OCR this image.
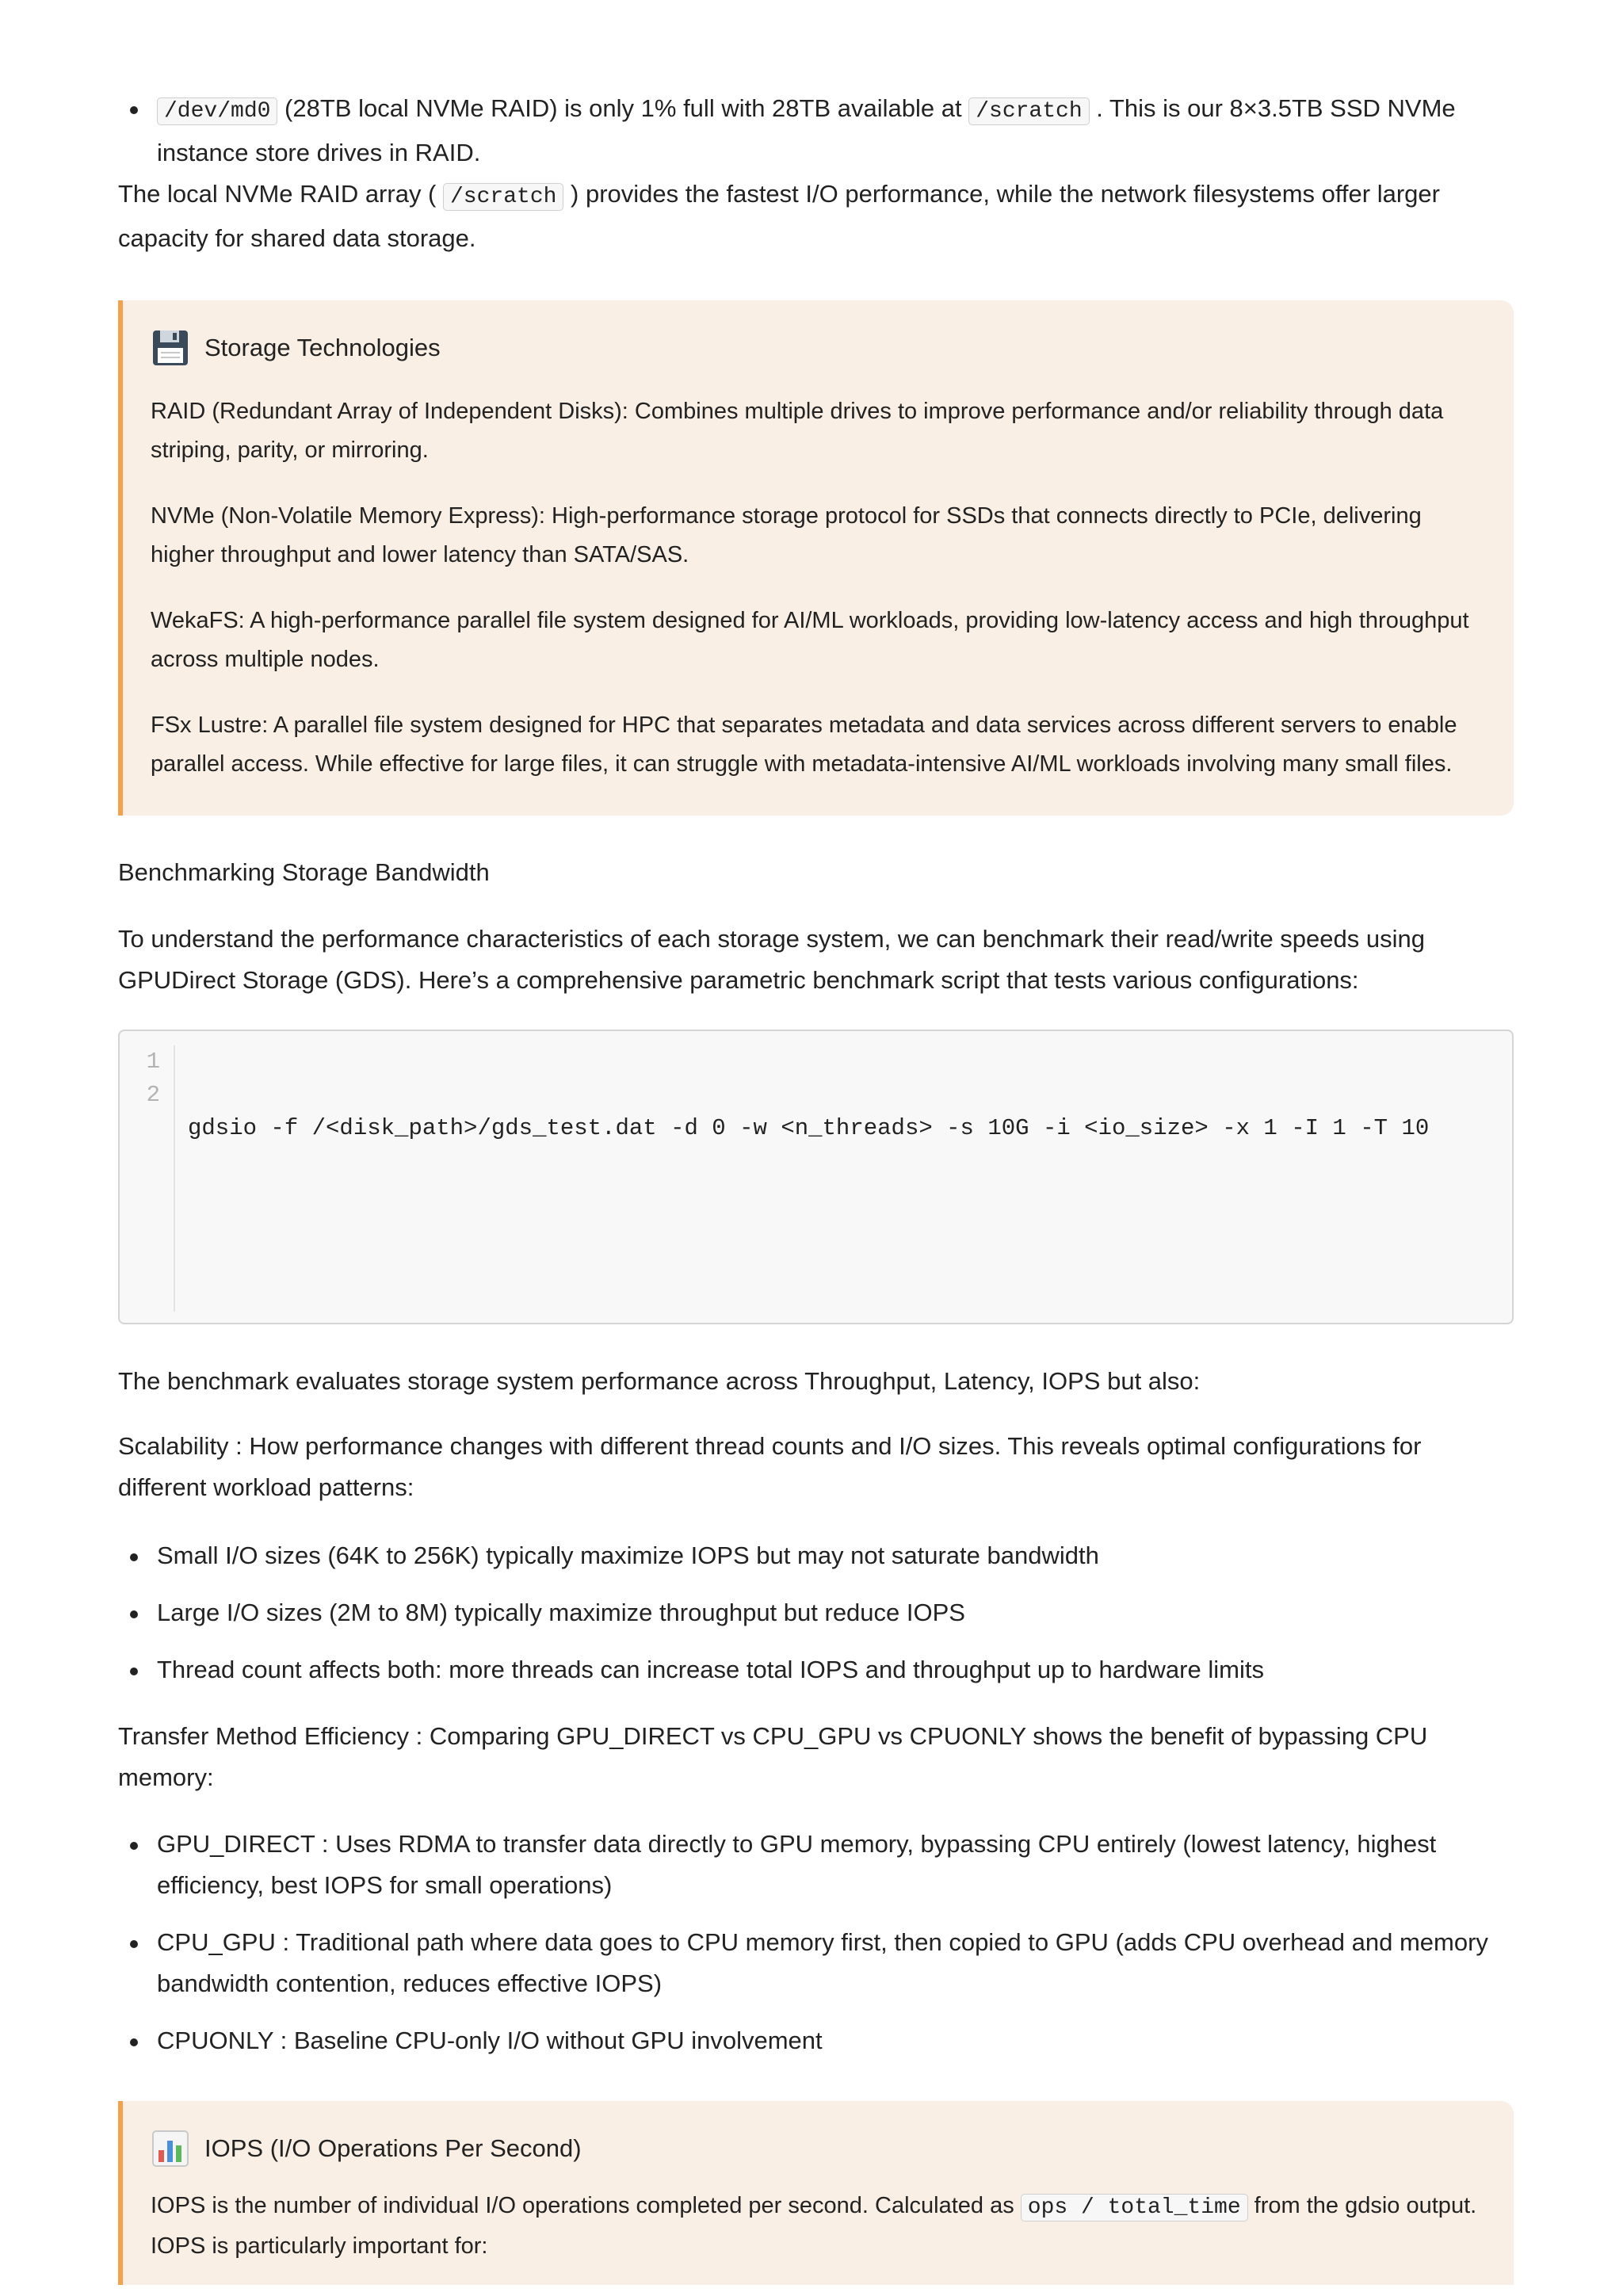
/dev/md0 (28TB local NVMe RAID) is only 1% full with 28TB available at /scratch . This is our 8×3.5TB SSD NVMe instance store drives in RAID.

The local NVMe RAID array ( /scratch ) provides the fastest I/O performance, while the network filesystems offer larger capacity for shared data storage.

Storage Technologies

RAID (Redundant Array of Independent Disks): Combines multiple drives to improve performance and/or reliability through data striping, parity, or mirroring.

NVMe (Non-Volatile Memory Express): High-performance storage protocol for SSDs that connects directly to PCIe, delivering higher throughput and lower latency than SATA/SAS.

WekaFS: A high-performance parallel file system designed for AI/ML workloads, providing low-latency access and high throughput across multiple nodes.

FSx Lustre: A parallel file system designed for HPC that separates metadata and data services across different servers to enable parallel access. While effective for large files, it can struggle with metadata-intensive AI/ML workloads involving many small files.

Benchmarking Storage Bandwidth

To understand the performance characteristics of each storage system, we can benchmark their read/write speeds using GPUDirect Storage (GDS). Here’s a comprehensive parametric benchmark script that tests various configurations:

1
2

gdsio -f /<disk_path>/gds_test.dat -d 0 -w <n_threads> -s 10G -i <io_size> -x 1 -I 1 -T 10

The benchmark evaluates storage system performance across Throughput, Latency, IOPS but also:

Scalability : How performance changes with different thread counts and I/O sizes. This reveals optimal configurations for different workload patterns:

Small I/O sizes (64K to 256K) typically maximize IOPS but may not saturate bandwidth
Large I/O sizes (2M to 8M) typically maximize throughput but reduce IOPS
Thread count affects both: more threads can increase total IOPS and throughput up to hardware limits

Transfer Method Efficiency : Comparing GPU_DIRECT vs CPU_GPU vs CPUONLY shows the benefit of bypassing CPU memory:

GPU_DIRECT : Uses RDMA to transfer data directly to GPU memory, bypassing CPU entirely (lowest latency, highest efficiency, best IOPS for small operations)
CPU_GPU : Traditional path where data goes to CPU memory first, then copied to GPU (adds CPU overhead and memory bandwidth contention, reduces effective IOPS)
CPUONLY : Baseline CPU-only I/O without GPU involvement
IOPS (I/O Operations Per Second)

IOPS is the number of individual I/O operations completed per second. Calculated as ops / total_time from the gdsio output. IOPS is particularly important for:
